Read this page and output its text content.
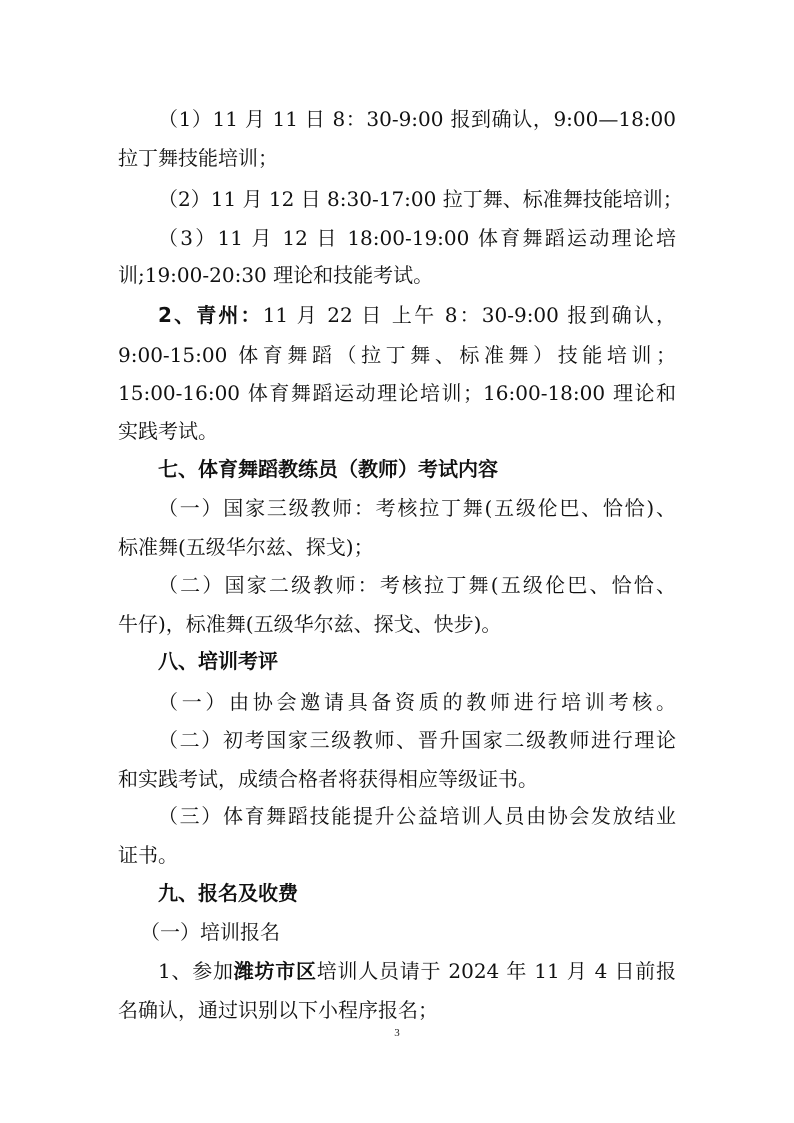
（1）11 月 11 日 8：30-9:00 报到确认，9:00—18:00
拉丁舞技能培训；
（2）11 月 12 日 8:30-17:00 拉丁舞、标准舞技能培训；
（3）11 月 12 日 18:00-19:00 体育舞蹈运动理论培
训;19:00-20:30 理论和技能考试。
2、青州：11 月 22 日 上午 8：30-9:00 报到确认，
9:00-15:00 体育舞蹈（拉丁舞、标准舞）技能培训；
15:00-16:00 体育舞蹈运动理论培训；16:00-18:00 理论和
实践考试。
七、体育舞蹈教练员（教师）考试内容
（一）国家三级教师：考核拉丁舞(五级伦巴、恰恰)、
标准舞(五级华尔兹、探戈)；
（二）国家二级教师：考核拉丁舞(五级伦巴、恰恰、
牛仔)，标准舞(五级华尔兹、探戈、快步)。
八、培训考评
（一）由协会邀请具备资质的教师进行培训考核。
（二）初考国家三级教师、晋升国家二级教师进行理论
和实践考试，成绩合格者将获得相应等级证书。
（三）体育舞蹈技能提升公益培训人员由协会发放结业
证书。
九、报名及收费
（一）培训报名
1、参加潍坊市区培训人员请于 2024 年 11 月 4 日前报
名确认，通过识别以下小程序报名；
3
